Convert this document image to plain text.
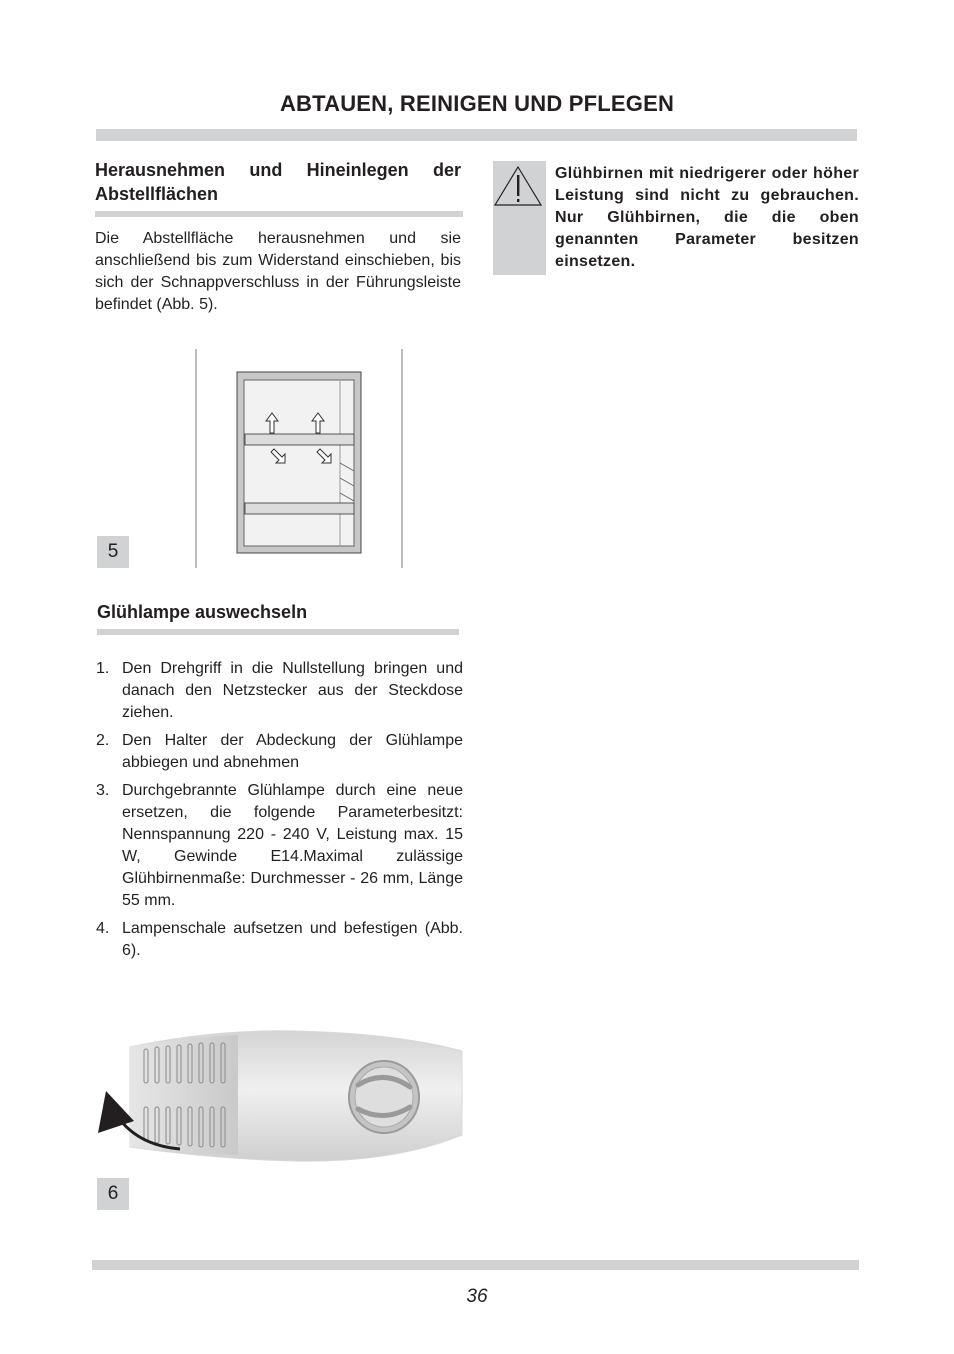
ABTAUEN, REINIGEN UND PFLEGEN
Herausnehmen und Hineinlegen der Abstellflächen
Die Abstellfläche herausnehmen und sie anschließend bis zum Widerstand einschieben, bis sich der Schnappverschluss in der Führungsleiste befindet (Abb. 5).
5
Glühlampe auswechseln
1. Den Drehgriff in die Nullstellung bringen und danach den Netzstecker aus der Steckdose ziehen.
2. Den Halter der Abdeckung der Glühlampe abbiegen und abnehmen
3. Durchgebrannte Glühlampe durch eine neue ersetzen, die folgende Parameterbesitzt: Nennspannung 220 - 240 V, Leistung max. 15 W, Gewinde E14.Maximal zulässige Glühbirnenmaße: Durchmesser - 26 mm, Länge 55 mm.
4. Lampenschale aufsetzen und befestigen (Abb. 6).
6
Glühbirnen mit niedrigerer oder höher Leistung sind nicht zu gebrauchen. Nur Glühbirnen, die die oben genannten Parameter besitzen einsetzen.
36
